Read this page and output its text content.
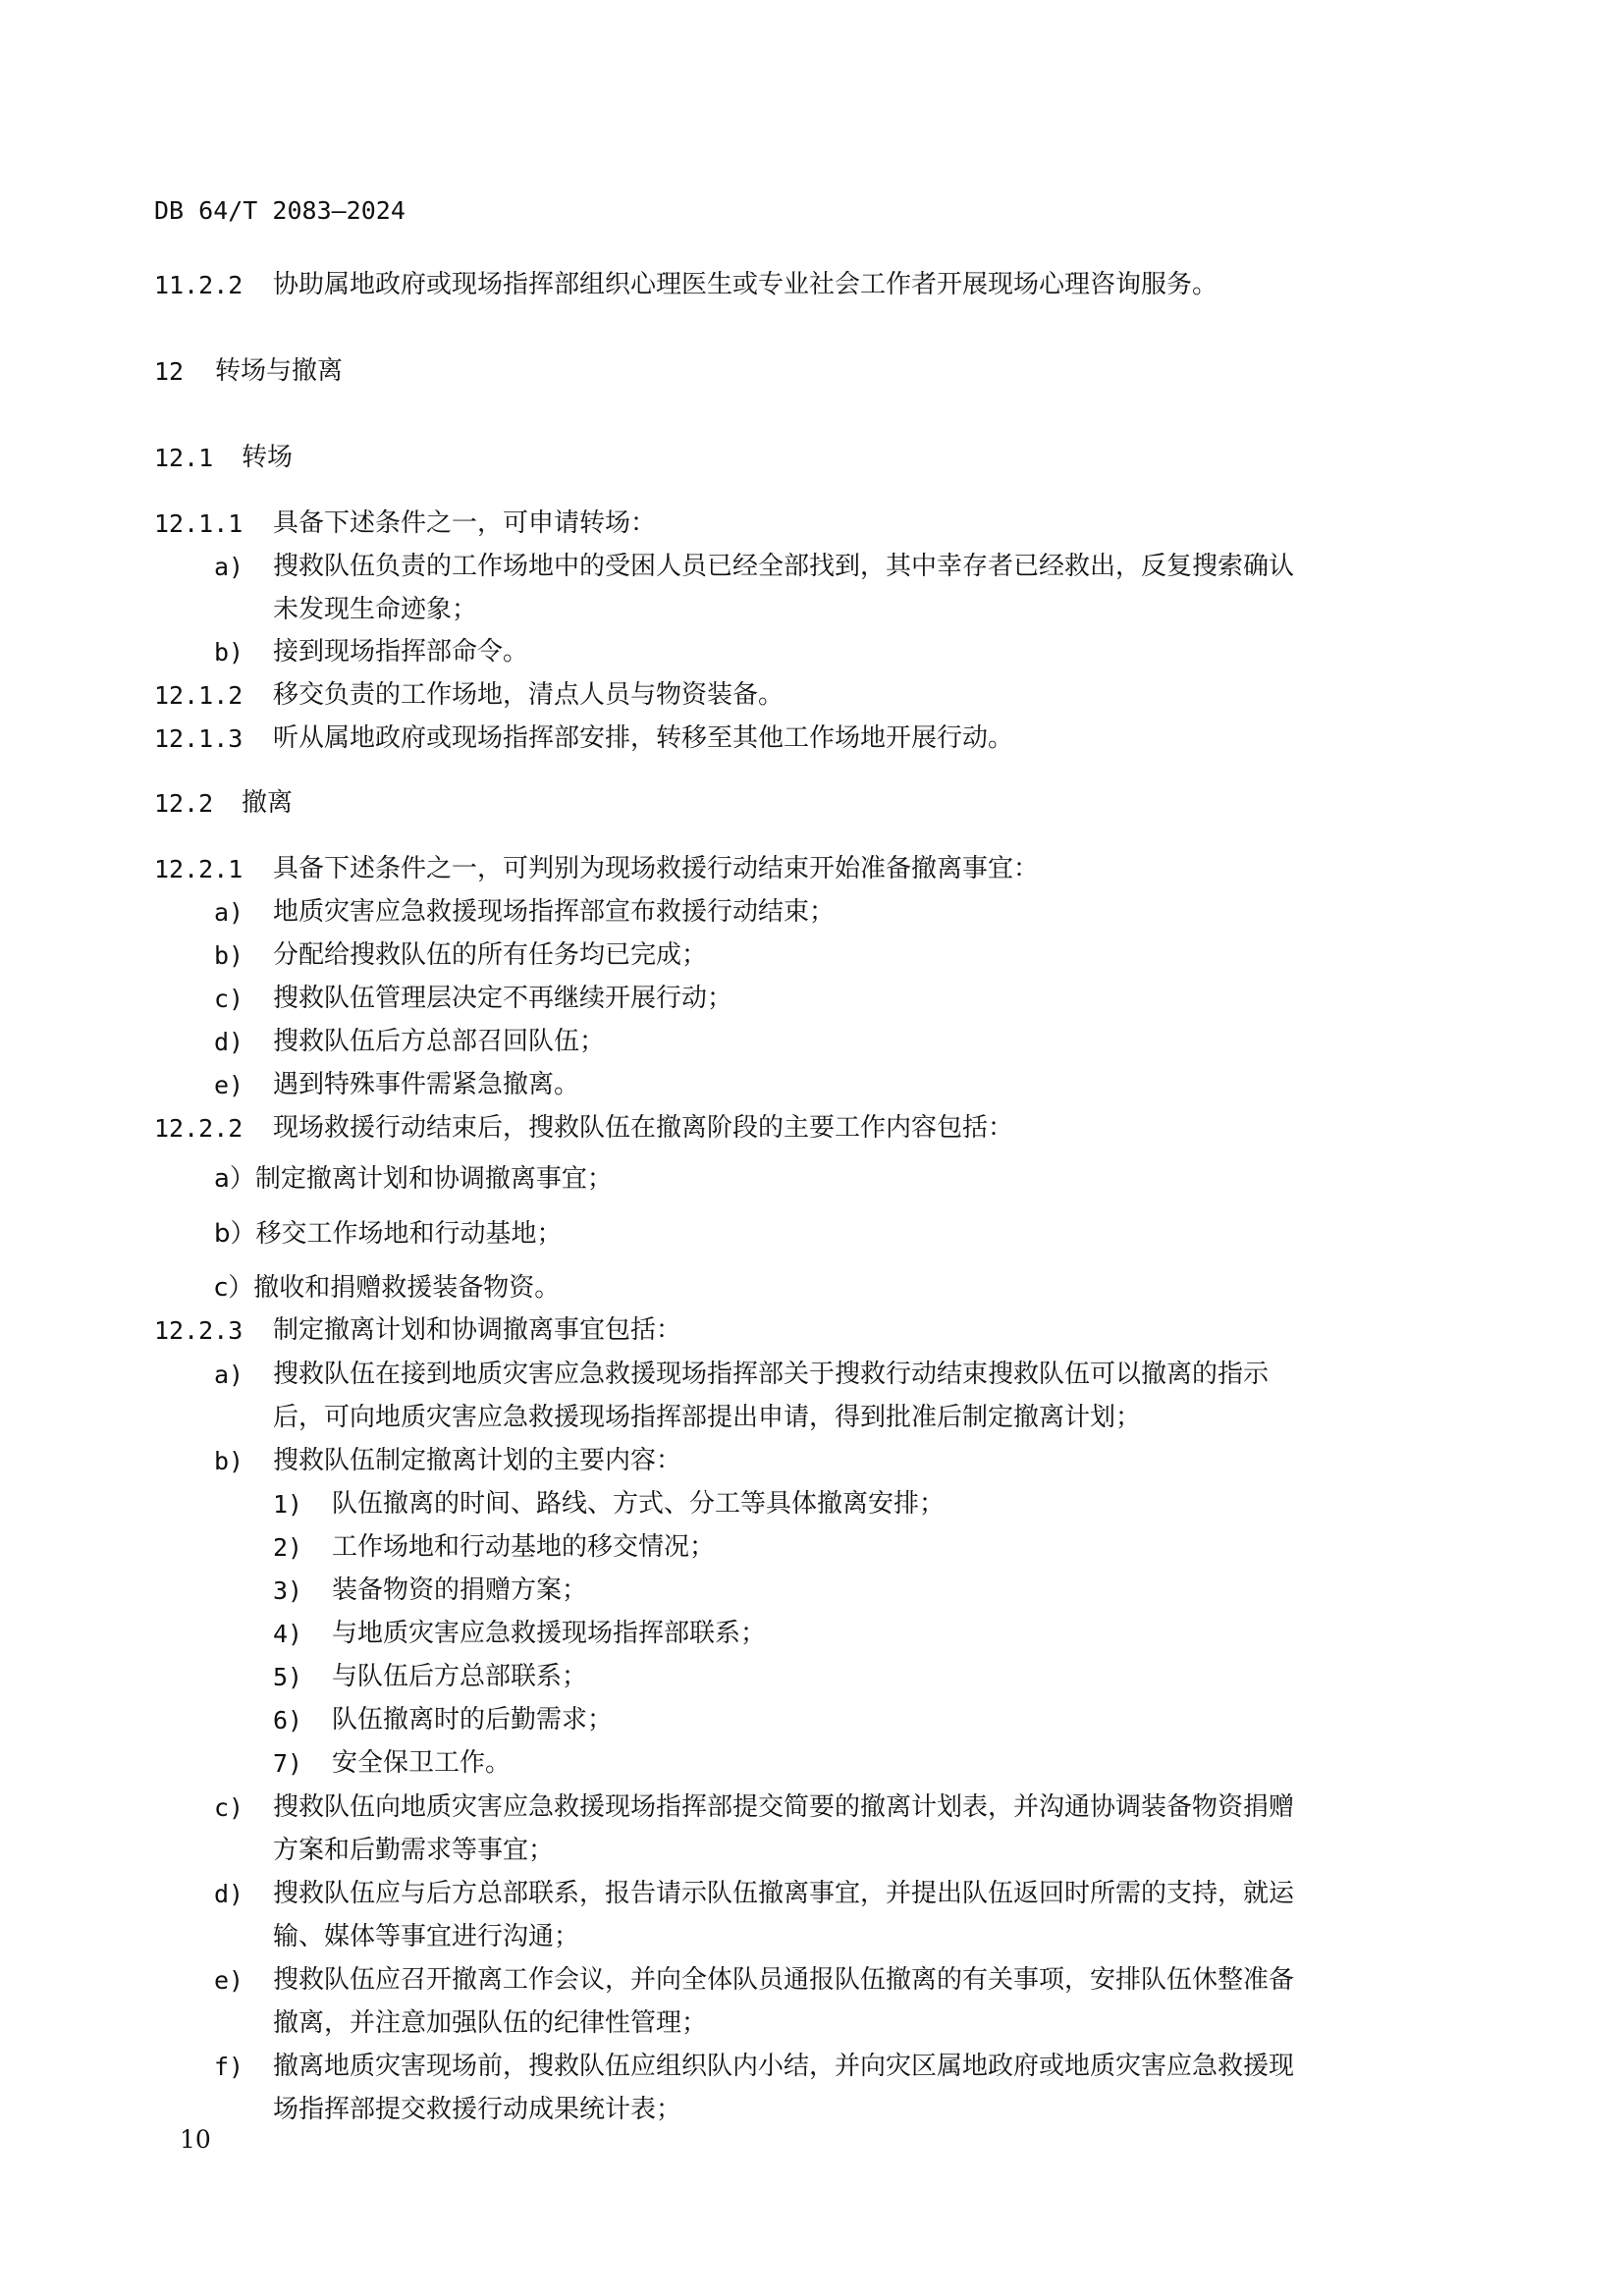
DB 64/T 2083—2024
11.2.2 协助属地政府或现场指挥部组织心理医生或专业社会工作者开展现场心理咨询服务。
12 转场与撤离
12.1 转场
12.1.1 具备下述条件之一，可申请转场：
a) 搜救队伍负责的工作场地中的受困人员已经全部找到，其中幸存者已经救出，反复搜索确认
未发现生命迹象；
b) 接到现场指挥部命令。
12.1.2 移交负责的工作场地，清点人员与物资装备。
12.1.3 听从属地政府或现场指挥部安排，转移至其他工作场地开展行动。
12.2 撤离
12.2.1 具备下述条件之一，可判别为现场救援行动结束开始准备撤离事宜：
a) 地质灾害应急救援现场指挥部宣布救援行动结束；
b) 分配给搜救队伍的所有任务均已完成；
c) 搜救队伍管理层决定不再继续开展行动；
d) 搜救队伍后方总部召回队伍；
e) 遇到特殊事件需紧急撤离。
12.2.2 现场救援行动结束后，搜救队伍在撤离阶段的主要工作内容包括：
a）制定撤离计划和协调撤离事宜；
b）移交工作场地和行动基地；
c）撤收和捐赠救援装备物资。
12.2.3 制定撤离计划和协调撤离事宜包括：
a) 搜救队伍在接到地质灾害应急救援现场指挥部关于搜救行动结束搜救队伍可以撤离的指示
后，可向地质灾害应急救援现场指挥部提出申请，得到批准后制定撤离计划；
b) 搜救队伍制定撤离计划的主要内容：
1) 队伍撤离的时间、路线、方式、分工等具体撤离安排；
2) 工作场地和行动基地的移交情况；
3) 装备物资的捐赠方案；
4) 与地质灾害应急救援现场指挥部联系；
5) 与队伍后方总部联系；
6) 队伍撤离时的后勤需求；
7) 安全保卫工作。
c) 搜救队伍向地质灾害应急救援现场指挥部提交简要的撤离计划表，并沟通协调装备物资捐赠
方案和后勤需求等事宜；
d) 搜救队伍应与后方总部联系，报告请示队伍撤离事宜，并提出队伍返回时所需的支持，就运
输、媒体等事宜进行沟通；
e) 搜救队伍应召开撤离工作会议，并向全体队员通报队伍撤离的有关事项，安排队伍休整准备
撤离，并注意加强队伍的纪律性管理；
f) 撤离地质灾害现场前，搜救队伍应组织队内小结，并向灾区属地政府或地质灾害应急救援现
场指挥部提交救援行动成果统计表；
10
